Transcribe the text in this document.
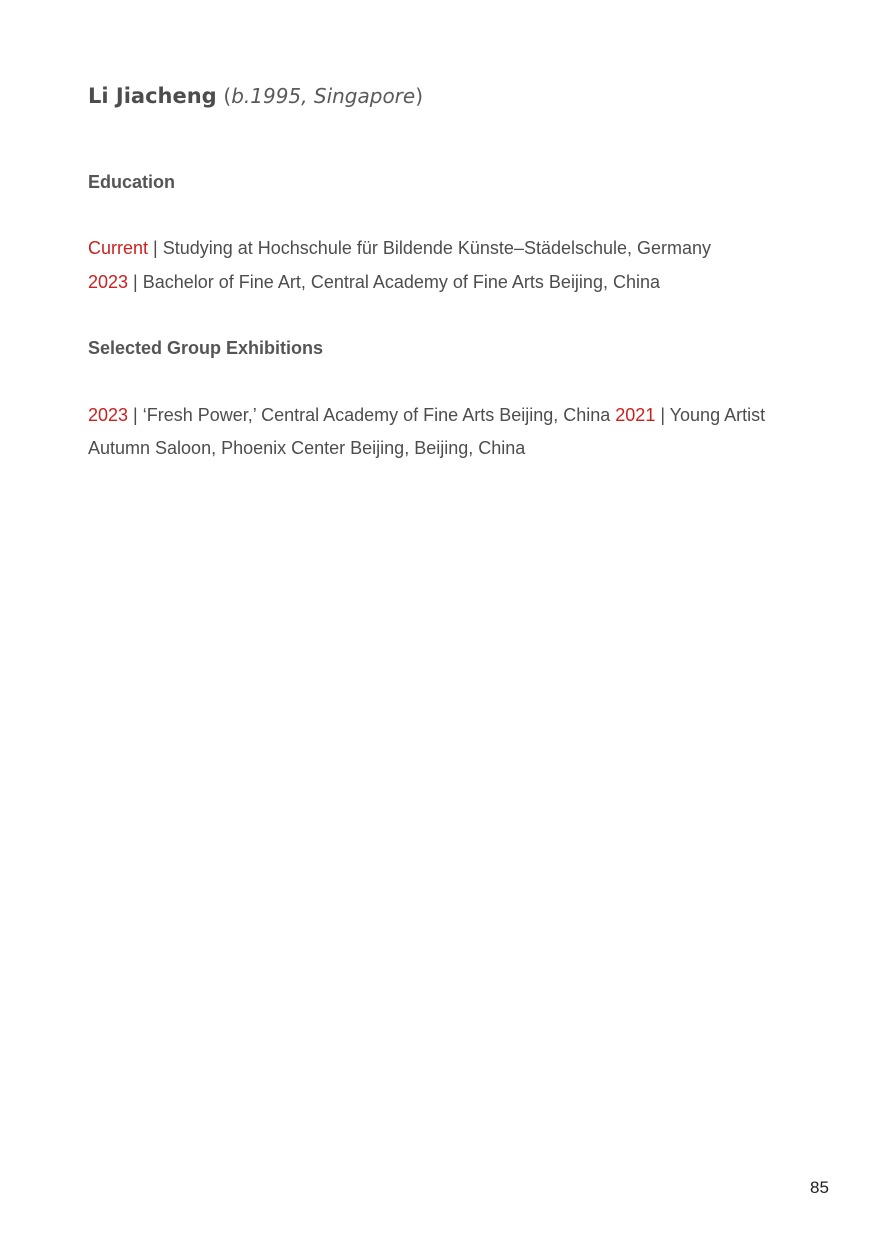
Li Jiacheng (b.1995, Singapore)
Education
Current | Studying at Hochschule für Bildende Künste–Städelschule, Germany
2023 | Bachelor of Fine Art, Central Academy of Fine Arts Beijing, China
Selected Group Exhibitions
2023 | ‘Fresh Power,’ Central Academy of Fine Arts Beijing, China 2021 | Young Artist
Autumn Saloon, Phoenix Center Beijing, Beijing, China
85
